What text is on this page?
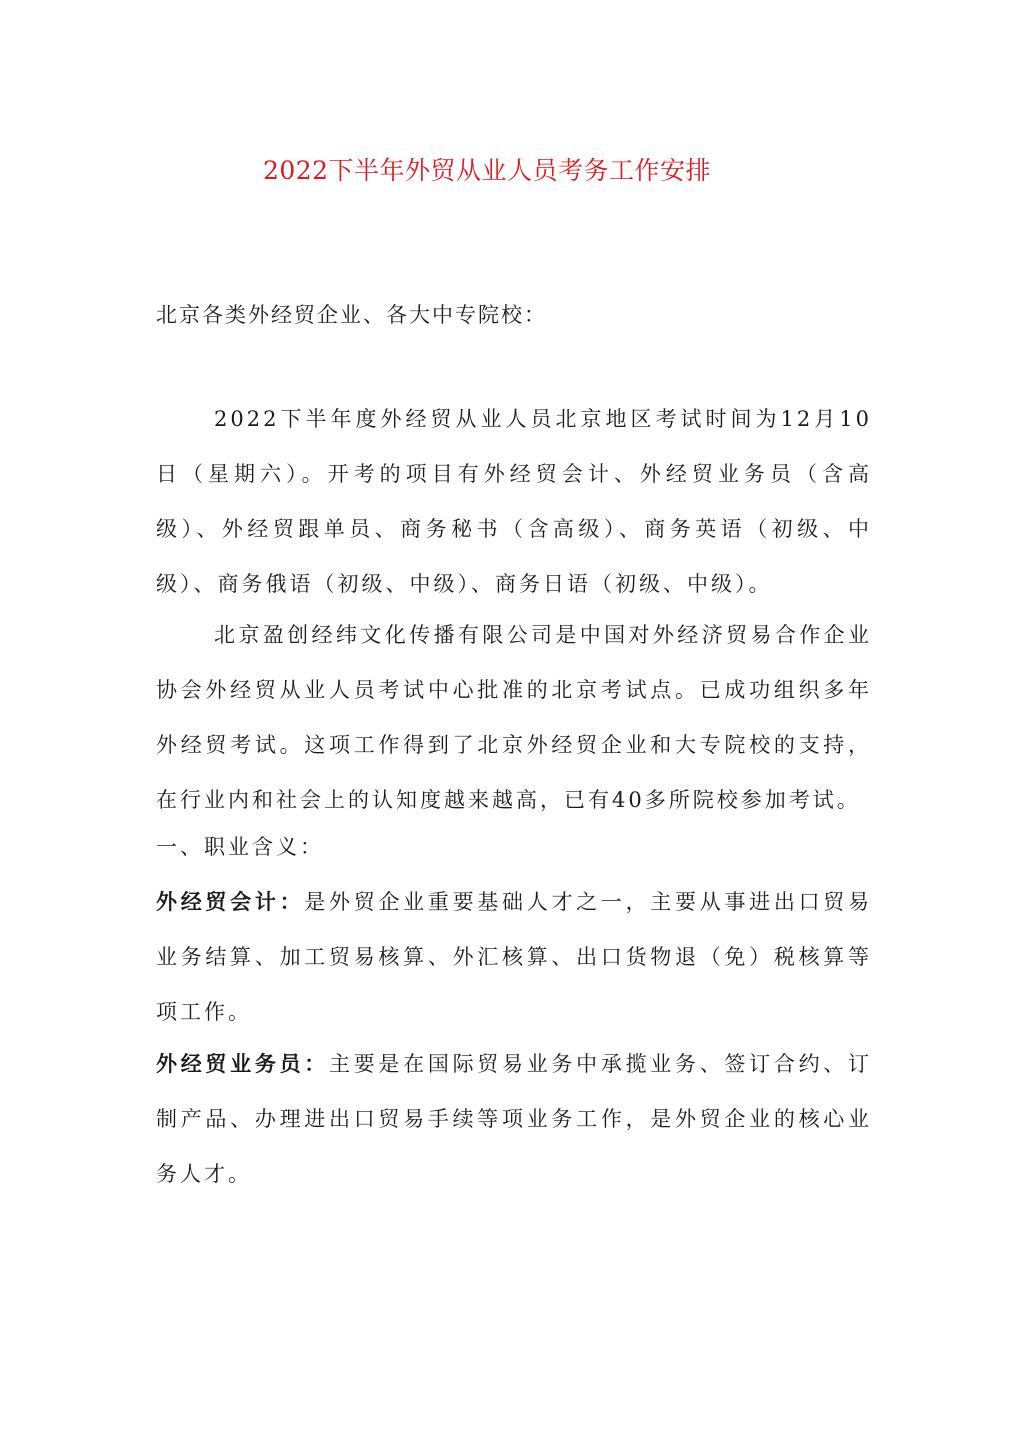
2022下半年外贸从业人员考务工作安排

北京各类外经贸企业、各大中专院校：

2022下半年度外经贸从业人员北京地区考试时间为12月10日（星期六）。开考的项目有外经贸会计、外经贸业务员（含高级）、外经贸跟单员、商务秘书（含高级）、商务英语（初级、中级）、商务俄语（初级、中级）、商务日语（初级、中级）。

北京盈创经纬文化传播有限公司是中国对外经济贸易合作企业协会外经贸从业人员考试中心批准的北京考试点。已成功组织多年外经贸考试。这项工作得到了北京外经贸企业和大专院校的支持，在行业内和社会上的认知度越来越高，已有40多所院校参加考试。

一、职业含义：

外经贸会计：是外贸企业重要基础人才之一，主要从事进出口贸易业务结算、加工贸易核算、外汇核算、出口货物退（免）税核算等项工作。

外经贸业务员：主要是在国际贸易业务中承揽业务、签订合约、订制产品、办理进出口贸易手续等项业务工作，是外贸企业的核心业务人才。
